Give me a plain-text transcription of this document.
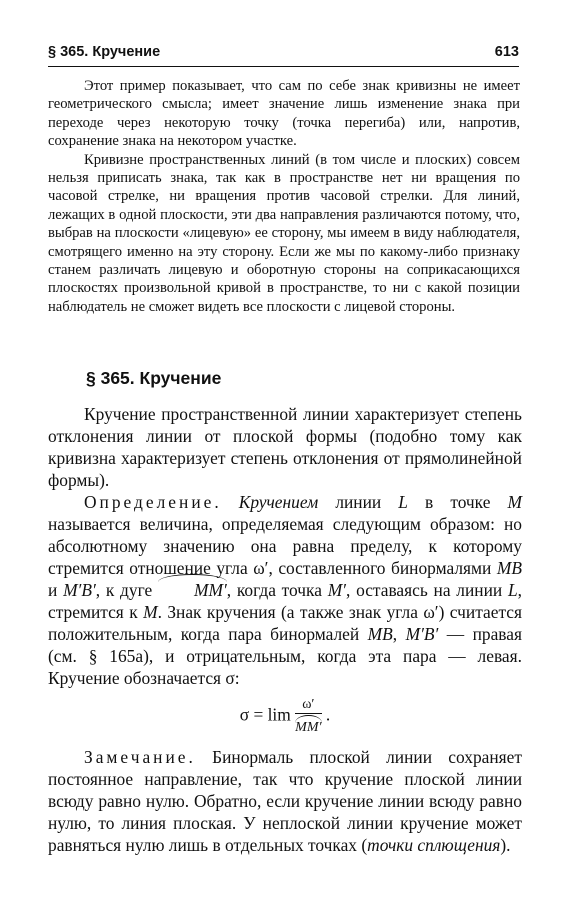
§ 365. Кручение	613

Этот пример показывает, что сам по себе знак кривизны не имеет геометрического смысла; имеет значение лишь изменение знака при переходе через некоторую точку (точка перегиба) или, напротив, сохранение знака на некотором участке.

Кривизне пространственных линий (в том числе и плоских) совсем нельзя приписать знака, так как в пространстве нет ни вращения по часовой стрелке, ни вращения против часовой стрелки. Для линий, лежащих в одной плоскости, эти два направления различаются потому, что, выбрав на плоскости «лицевую» ее сторону, мы имеем в виду наблюдателя, смотрящего именно на эту сторону. Если же мы по какому-либо признаку станем различать лицевую и оборотную стороны на соприкасающихся плоскостях произвольной кривой в пространстве, то ни с какой позиции наблюдатель не сможет видеть все плоскости с лицевой стороны.

§ 365. Кручение

Кручение пространственной линии характеризует степень отклонения линии от плоской формы (подобно тому как кривизна характеризует степень отклонения от прямолинейной формы).

Определение. Кручением линии L в точке M называется величина, определяемая следующим образом: но абсолютному значению она равна пределу, к которому стремится отношение угла ω′, составленного бинормалями MB и M′B′, к дуге MM′, когда точка M′, оставаясь на линии L, стремится к M. Знак кручения (а также знак угла ω′) считается положительным, когда пара бинормалей MB, M′B′ — правая (см. § 165а), и отрицательным, когда эта пара — левая. Кручение обозначается σ:

$\sigma = \lim \frac{\omega'}{MM'}$ .

Замечание. Бинормаль плоской линии сохраняет постоянное направление, так что кручение плоской линии всюду равно нулю. Обратно, если кручение линии всюду равно нулю, то линия плоская. У неплоской линии кручение может равняться нулю лишь в отдельных точках (точки сплющения).
